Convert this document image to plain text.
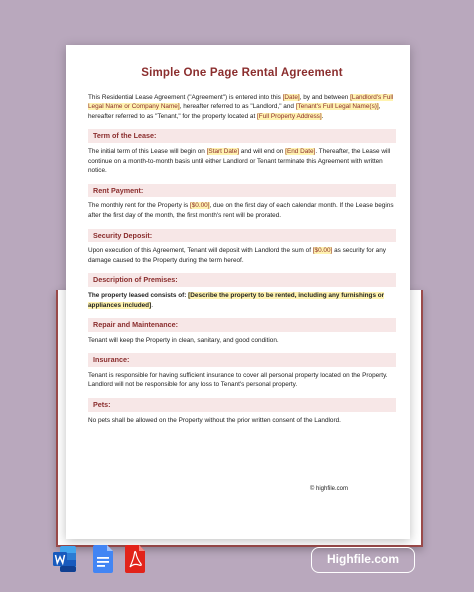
Simple One Page Rental Agreement

This Residential Lease Agreement ("Agreement") is entered into this [Date], by and between [Landlord's Full Legal Name or Company Name], hereafter referred to as "Landlord," and [Tenant's Full Legal Name(s)], hereafter referred to as "Tenant," for the property located at [Full Property Address].

Term of the Lease:

The initial term of this Lease will begin on [Start Date] and will end on [End Date]. Thereafter, the Lease will continue on a month-to-month basis until either Landlord or Tenant terminate this Agreement with written notice.

Rent Payment:

The monthly rent for the Property is [$0.00], due on the first day of each calendar month. If the Lease begins after the first day of the month, the first month's rent will be prorated.

Security Deposit:

Upon execution of this Agreement, Tenant will deposit with Landlord the sum of [$0.00] as security for any damage caused to the Property during the term hereof.

Description of Premises:

The property leased consists of: [Describe the property to be rented, including any furnishings or appliances included].

Repair and Maintenance:

Tenant will keep the Property in clean, sanitary, and good condition.

Insurance:

Tenant is responsible for having sufficient insurance to cover all personal property located on the Property. Landlord will not be responsible for any loss to Tenant's personal property.

Pets:

No pets shall be allowed on the Property without the prior written consent of the Landlord.

© highfile.com
Highfile.com
